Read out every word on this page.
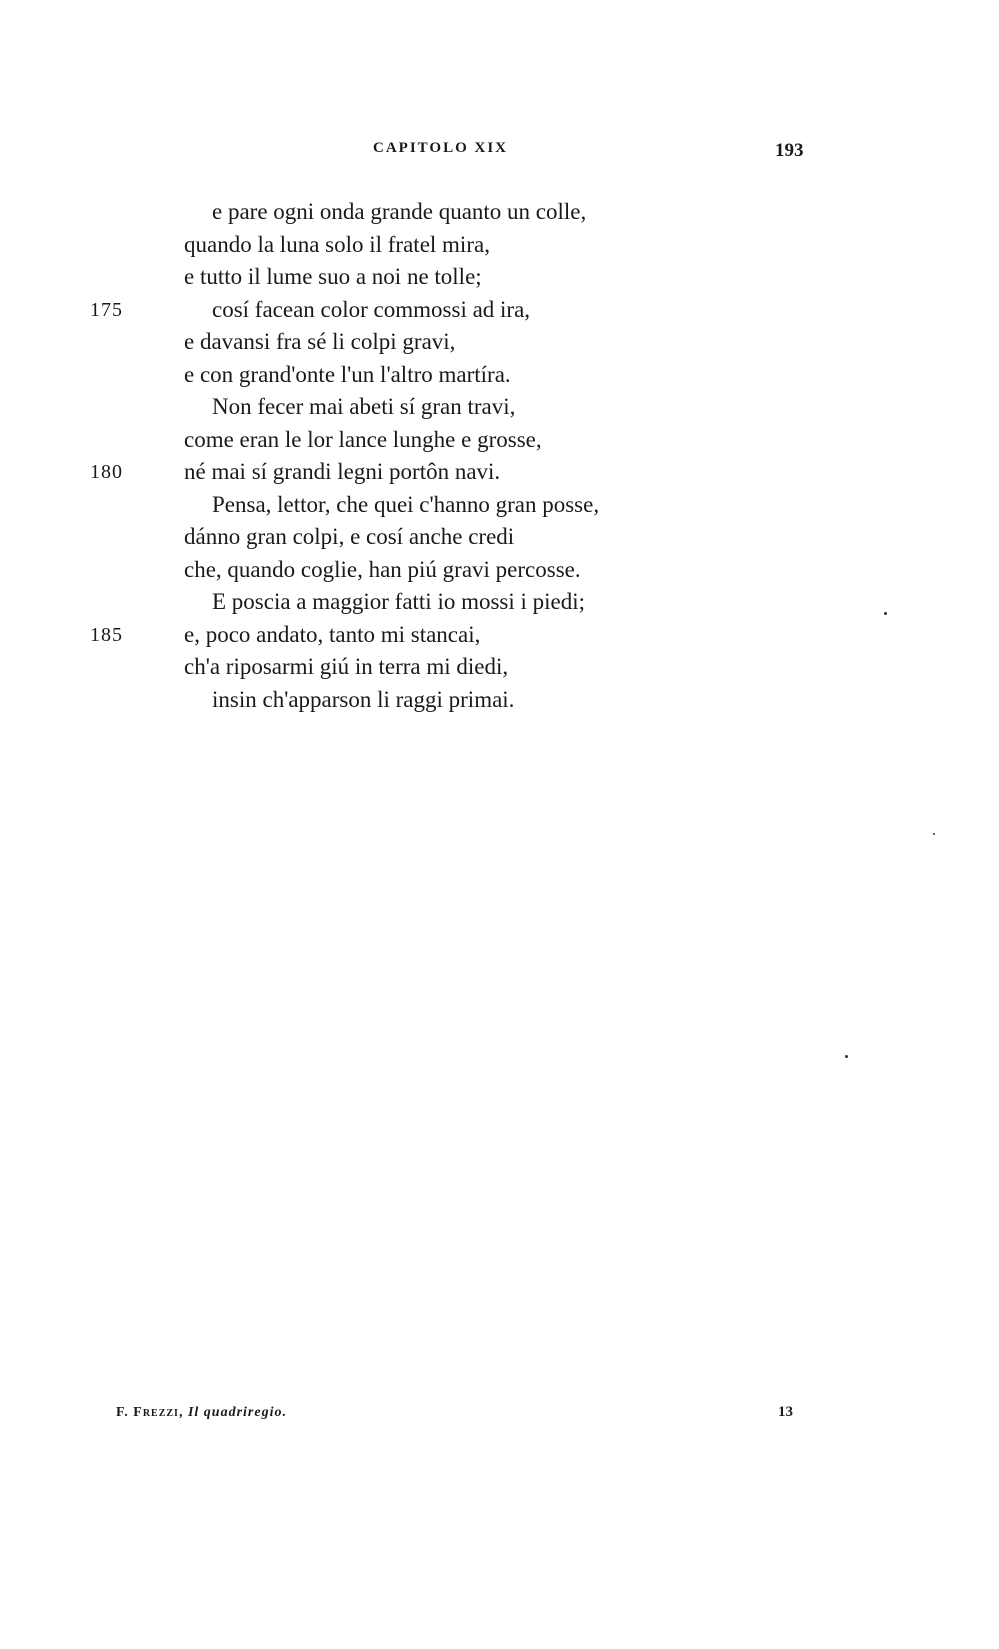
CAPITOLO XIX	193
e pare ogni onda grande quanto un colle,
quando la luna solo il fratel mira,
e tutto il lume suo a noi ne tolle;
175	cosí facean color commossi ad ira,
e davansi fra sé li colpi gravi,
e con grand'onte l'un l'altro martíra.
Non fecer mai abeti sí gran travi,
come eran le lor lance lunghe e grosse,
180	né mai sí grandi legni portôn navi.
Pensa, lettor, che quei c'hanno gran posse,
dánno gran colpi, e cosí anche credi
che, quando coglie, han piú gravi percosse.
E poscia a maggior fatti io mossi i piedi;
185	e, poco andato, tanto mi stancai,
ch'a riposarmi giú in terra mi diedi,
insin ch'apparson li raggi primai.
F. Frezzi, Il quadriregio.	13
